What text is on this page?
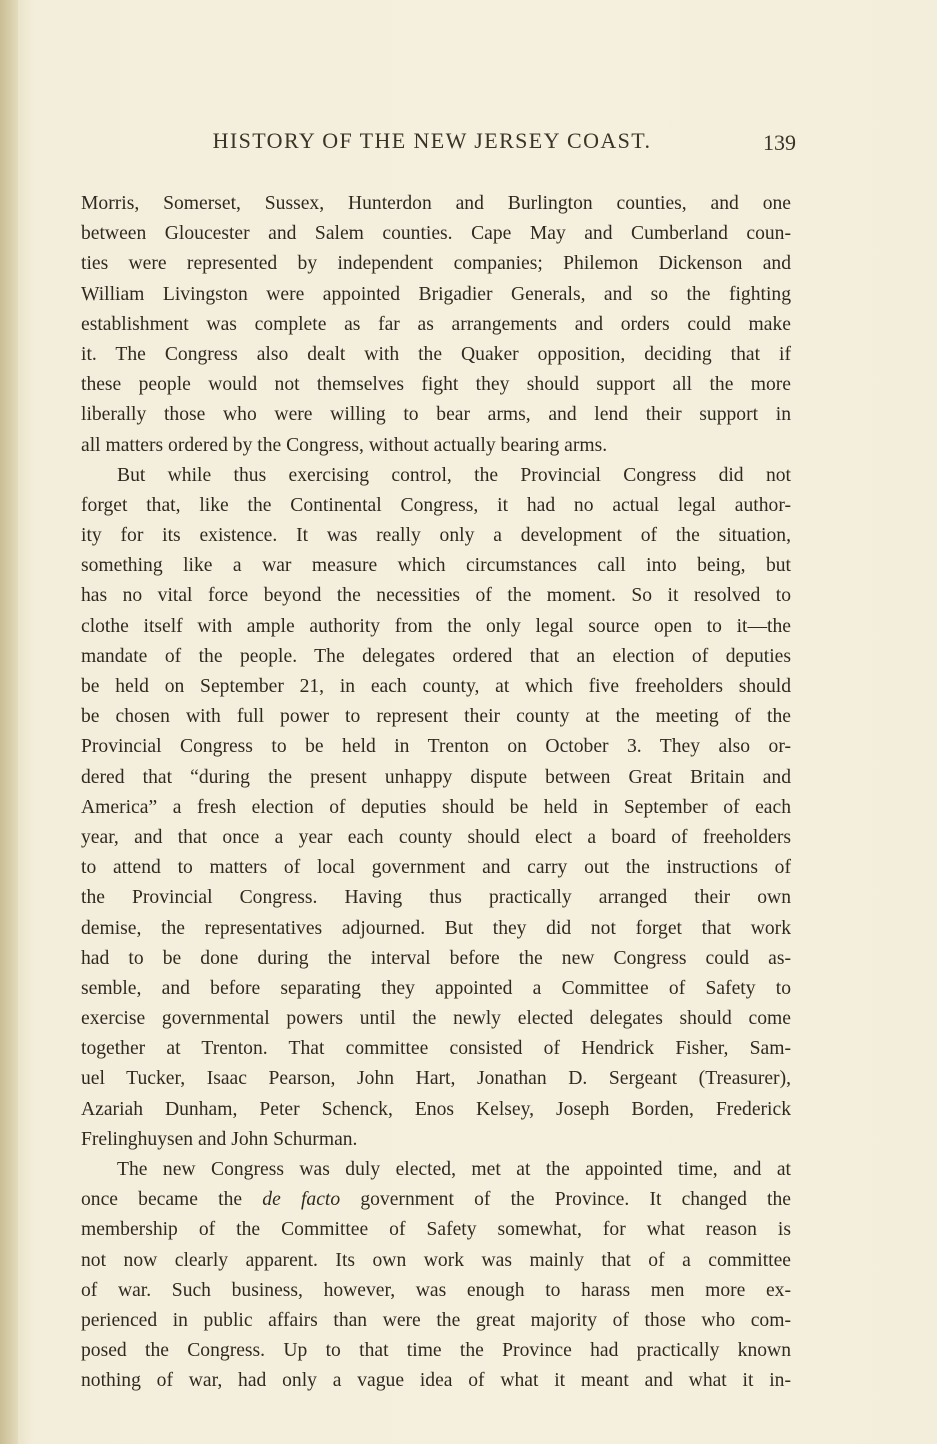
HISTORY OF THE NEW JERSEY COAST.	139
Morris, Somerset, Sussex, Hunterdon and Burlington counties, and one
between Gloucester and Salem counties. Cape May and Cumberland coun-
ties were represented by independent companies; Philemon Dickenson and
William Livingston were appointed Brigadier Generals, and so the fighting
establishment was complete as far as arrangements and orders could make
it. The Congress also dealt with the Quaker opposition, deciding that if
these people would not themselves fight they should support all the more
liberally those who were willing to bear arms, and lend their support in
all matters ordered by the Congress, without actually bearing arms.
But while thus exercising control, the Provincial Congress did not
forget that, like the Continental Congress, it had no actual legal author-
ity for its existence. It was really only a development of the situation,
something like a war measure which circumstances call into being, but
has no vital force beyond the necessities of the moment. So it resolved to
clothe itself with ample authority from the only legal source open to it—the
mandate of the people. The delegates ordered that an election of deputies
be held on September 21, in each county, at which five freeholders should
be chosen with full power to represent their county at the meeting of the
Provincial Congress to be held in Trenton on October 3. They also or-
dered that “during the present unhappy dispute between Great Britain and
America” a fresh election of deputies should be held in September of each
year, and that once a year each county should elect a board of freeholders
to attend to matters of local government and carry out the instructions of
the Provincial Congress. Having thus practically arranged their own
demise, the representatives adjourned. But they did not forget that work
had to be done during the interval before the new Congress could as-
semble, and before separating they appointed a Committee of Safety to
exercise governmental powers until the newly elected delegates should come
together at Trenton. That committee consisted of Hendrick Fisher, Sam-
uel Tucker, Isaac Pearson, John Hart, Jonathan D. Sergeant (Treasurer),
Azariah Dunham, Peter Schenck, Enos Kelsey, Joseph Borden, Frederick
Frelinghuysen and John Schurman.
The new Congress was duly elected, met at the appointed time, and at
once became the de facto government of the Province. It changed the
membership of the Committee of Safety somewhat, for what reason is
not now clearly apparent. Its own work was mainly that of a committee
of war. Such business, however, was enough to harass men more ex-
perienced in public affairs than were the great majority of those who com-
posed the Congress. Up to that time the Province had practically known
nothing of war, had only a vague idea of what it meant and what it in-
